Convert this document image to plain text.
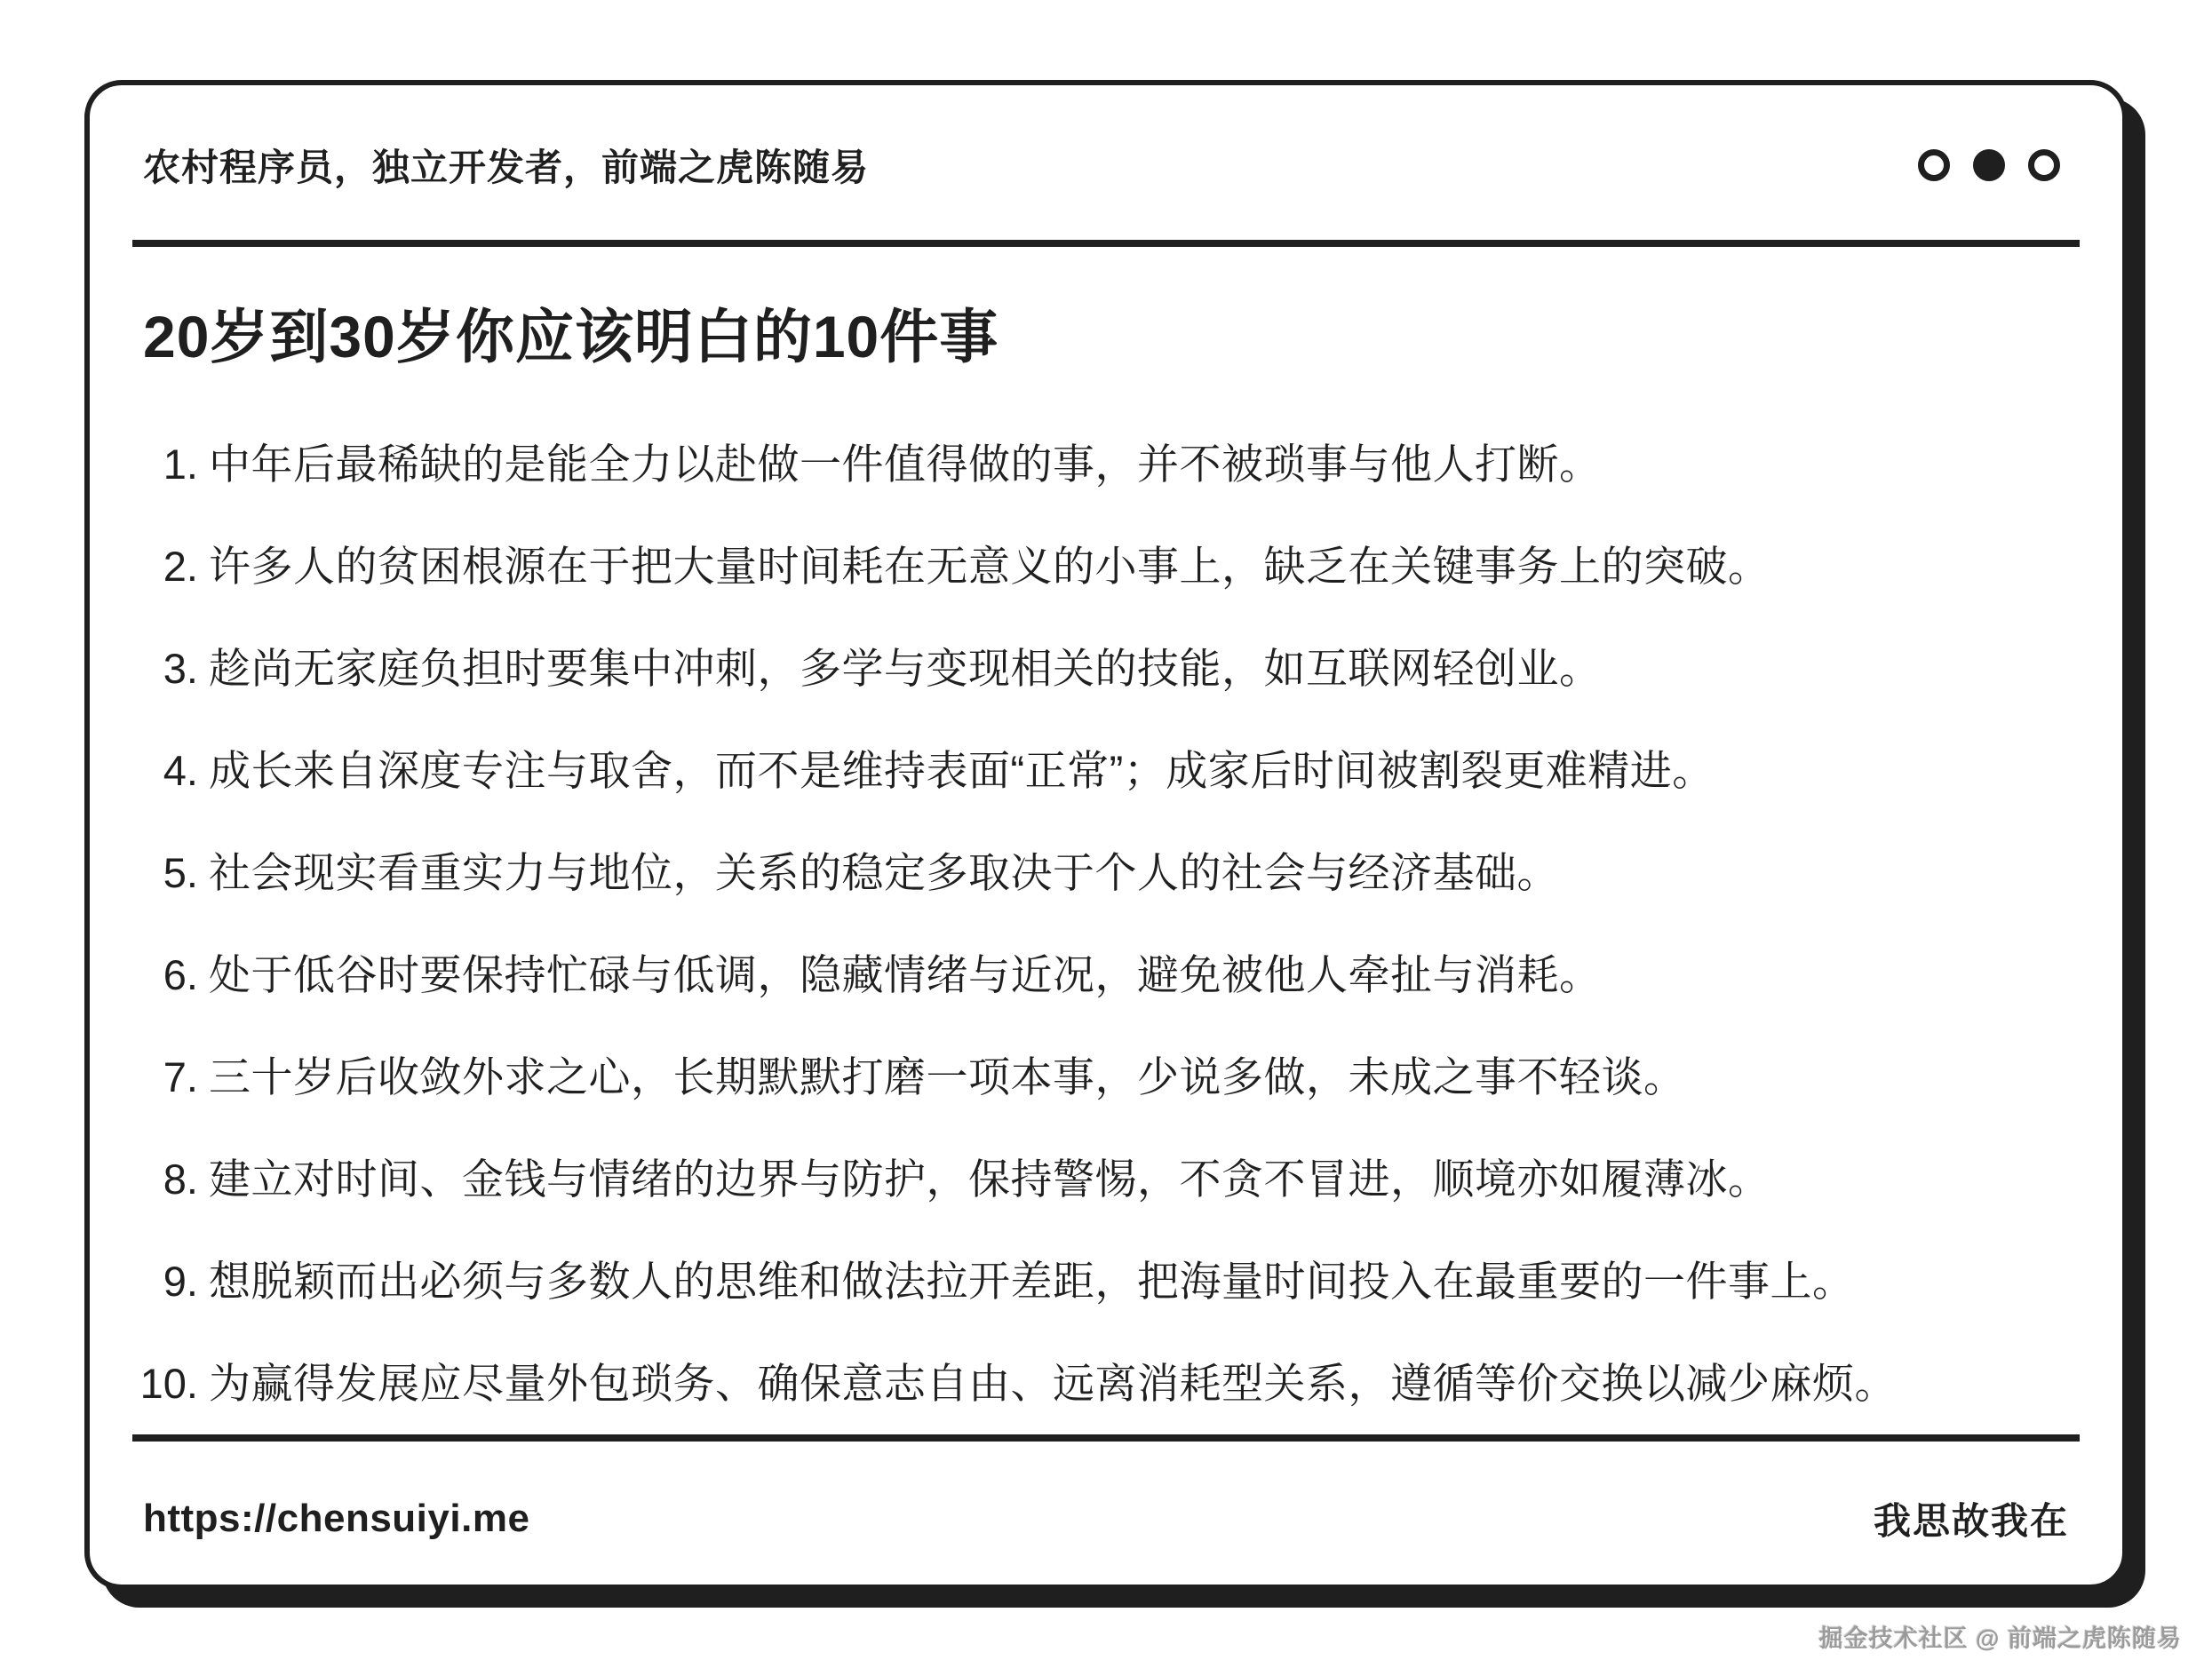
农村程序员，独立开发者，前端之虎陈随易
20岁到30岁你应该明白的10件事
1. 中年后最稀缺的是能全力以赴做一件值得做的事，并不被琐事与他人打断。
2. 许多人的贫困根源在于把大量时间耗在无意义的小事上，缺乏在关键事务上的突破。
3. 趁尚无家庭负担时要集中冲刺，多学与变现相关的技能，如互联网轻创业。
4. 成长来自深度专注与取舍，而不是维持表面“正常”；成家后时间被割裂更难精进。
5. 社会现实看重实力与地位，关系的稳定多取决于个人的社会与经济基础。
6. 处于低谷时要保持忙碌与低调，隐藏情绪与近况，避免被他人牵扯与消耗。
7. 三十岁后收敛外求之心，长期默默打磨一项本事，少说多做，未成之事不轻谈。
8. 建立对时间、金钱与情绪的边界与防护，保持警惕，不贪不冒进，顺境亦如履薄冰。
9. 想脱颖而出必须与多数人的思维和做法拉开差距，把海量时间投入在最重要的一件事上。
10. 为赢得发展应尽量外包琐务、确保意志自由、远离消耗型关系，遵循等价交换以减少麻烦。
https://chensuiyi.me	我思故我在
掘金技术社区 @ 前端之虎陈随易
